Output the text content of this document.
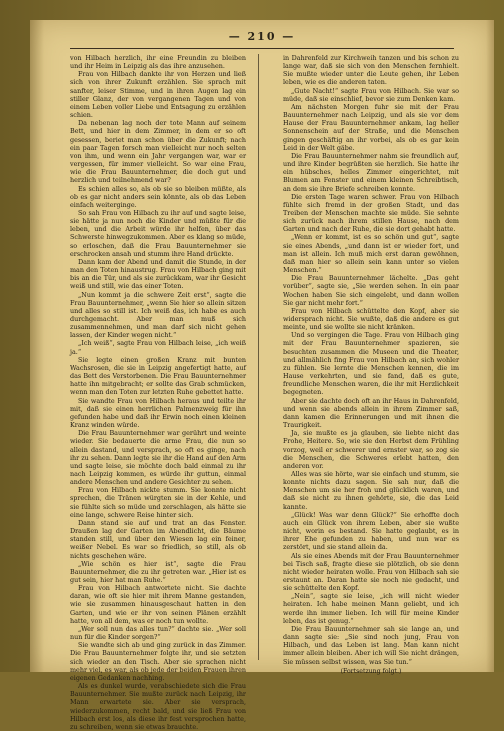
— 210 —

von Hilbach herzlich, ihr eine Freundin zu bleiben und ihr Heim in Leipzig als das ihre anzusehen.

Frau von Hilbach dankte ihr von Herzen und ließ sich von ihrer Zukunft erzählen. Sie sprach mit sanfter, leiser Stimme, und in ihren Augen lag ein stiller Glanz, der von vergangenen Tagen und von einem Leben voller Liebe und Entsagung zu erzählen schien.

Da nebenan lag noch der tote Mann auf seinem Bett, und hier in dem Zimmer, in dem er so oft gesessen, beriet man schon über die Zukunft; nach ein paar Tagen forsch man vielleicht nur noch selten von ihm, und wenn ein Jahr vergangen war, war er vergessen, für immer vielleicht. So war eine Frau, wie die Frau Bauunternehmer, die doch gut und herzlich und teilnehmend war?

Es schien alles so, als ob sie so bleiben müßte, als ob es gar nicht anders sein könnte, als ob das Leben einfach weiterginge.

So sah Frau von Hilbach zu ihr auf und sagte leise, sie hätte ja nun noch die Kinder und müßte für die leben, und die Arbeit würde ihr helfen, über das Schwerste hinwegzukommen. Aber es klang so müde, so erloschen, daß die Frau Bauunternehmer sie erschrocken ansah und stumm ihre Hand drückte.

Dann kam der Abend und damit die Stunde, in der man den Toten hinaustrug. Frau von Hilbach ging mit bis an die Tür, und als sie zurückkam, war ihr Gesicht weiß und still, wie das einer Toten.

„Nun kommt ja die schwere Zeit erst“, sagte die Frau Bauunternehmer, „wenn Sie hier so allein sitzen und alles so still ist. Ich weiß das, ich habe es auch durchgemacht. Aber man muß sich zusammennehmen, und man darf sich nicht gehen lassen, der Kinder wegen nicht.“

„Ich weiß“, sagte Frau von Hilbach leise, „ich weiß ja.“

Sie legte einen großen Kranz mit bunten Wachsrosen, die sie in Leipzig angefertigt hatte, auf das Bett des Verstorbenen. Die Frau Bauunternehmer hatte ihn mitgebracht; er sollte das Grab schmücken, wenn man den Toten zur letzten Ruhe gebettet hatte.

Sie wandte Frau von Hilbach heraus und teilte ihr mit, daß sie einen herrlichen Palmenzweig für ihn gefunden habe und daß ihr Erwin noch einen kleinen Kranz winden würde.

Die Frau Bauunternehmer war gerührt und weinte wieder. Sie bedauerte die arme Frau, die nun so allein dastand, und versprach, so oft es ginge, nach ihr zu sehen. Dann legte sie ihr die Hand auf den Arm und sagte leise, sie möchte doch bald einmal zu ihr nach Leipzig kommen, es würde ihr guttun, einmal andere Menschen und andere Gesichter zu sehen.

Frau von Hilbach nickte stumm. Sie konnte nicht sprechen, die Tränen würgten sie in der Kehle, und sie fühlte sich so müde und zerschlagen, als hätte sie eine lange, schwere Reise hinter sich.

Dann stand sie auf und trat an das Fenster. Draußen lag der Garten im Abendlicht, die Bäume standen still, und über den Wiesen lag ein feiner, weißer Nebel. Es war so friedlich, so still, als ob nichts geschehen wäre.

„Wie schön es hier ist“, sagte die Frau Bauunternehmer, die zu ihr getreten war. „Hier ist es gut sein, hier hat man Ruhe.“

Frau von Hilbach antwortete nicht. Sie dachte daran, wie oft sie hier mit ihrem Manne gestanden, wie sie zusammen hinausgeschaut hatten in den Garten, und wie er ihr von seinen Plänen erzählt hatte, von all dem, was er noch tun wollte.

„Wer soll nun das alles tun?“ dachte sie. „Wer soll nun für die Kinder sorgen?“

Sie wandte sich ab und ging zurück in das Zimmer. Die Frau Bauunternehmer folgte ihr, und sie setzten sich wieder an den Tisch. Aber sie sprachen nicht mehr viel, es war, als ob jede der beiden Frauen ihren eigenen Gedanken nachhing.

Als es dunkel wurde, verabschiedete sich die Frau Bauunternehmer. Sie mußte zurück nach Leipzig, ihr Mann erwartete sie. Aber sie versprach, wiederzukommen, recht bald, und sie ließ Frau von Hilbach erst los, als diese ihr fest versprochen hatte, zu schreiben, wenn sie etwas brauchte.

in Dahrenfeld zur Kirchweih tanzen und bis schon zu lange war, daß sie sich von den Menschen fernhielt. Sie mußte wieder unter die Leute gehen, ihr Leben leben, wie es die anderen taten.

„Gute Nacht!“ sagte Frau von Hilbach. Sie war so müde, daß sie einschlief, bevor sie zum Denken kam.

Am nächsten Morgen fuhr sie mit der Frau Bauunternehmer nach Leipzig, und als sie vor dem Hause der Frau Bauunternehmer ankam, lag heller Sonnenschein auf der Straße, und die Menschen gingen geschäftig an ihr vorbei, als ob es gar kein Leid in der Welt gäbe.

Die Frau Bauunternehmer nahm sie freundlich auf, und ihre Kinder begrüßten sie herzlich. Sie hatte ihr ein hübsches, helles Zimmer eingerichtet, mit Blumen am Fenster und einem kleinen Schreibtisch, an dem sie ihre Briefe schreiben konnte.

Die ersten Tage waren schwer. Frau von Hilbach fühlte sich fremd in der großen Stadt, und das Treiben der Menschen machte sie müde. Sie sehnte sich zurück nach ihrem stillen Hause, nach dem Garten und nach der Ruhe, die sie dort gehabt hatte.

„Wenn er kommt, ist es so schön und gut“, sagte sie eines Abends, „und dann ist er wieder fort, und man ist allein. Ich muß mich erst daran gewöhnen, daß man hier so allein sein kann unter so vielen Menschen.“

Die Frau Bauunternehmer lächelte. „Das geht vorüber“, sagte sie, „Sie werden sehen. In ein paar Wochen haben Sie sich eingelebt, und dann wollen Sie gar nicht mehr fort.“

Frau von Hilbach schüttelte den Kopf, aber sie widersprach nicht. Sie wußte, daß die andere es gut meinte, und sie wollte sie nicht kränken.

Und so vergingen die Tage. Frau von Hilbach ging mit der Frau Bauunternehmer spazieren, sie besuchten zusammen die Museen und die Theater, und allmählich fing Frau von Hilbach an, sich wohler zu fühlen. Sie lernte die Menschen kennen, die im Hause verkehrten, und sie fand, daß es gute, freundliche Menschen waren, die ihr mit Herzlichkeit begegneten.

Aber sie dachte doch oft an ihr Haus in Dahrenfeld, und wenn sie abends allein in ihrem Zimmer saß, dann kamen die Erinnerungen und mit ihnen die Traurigkeit.

Ja, sie mußte es ja glauben, sie liebte nicht das Frohe, Heitere. So, wie sie den Herbst dem Frühling vorzog, weil er schwerer und ernster war, so zog sie die Menschen, die Schweres erlebt hatten, den anderen vor.

Alles was sie hörte, war sie einfach und stumm, sie konnte nichts dazu sagen. Sie sah nur, daß die Menschen um sie her froh und glücklich waren, und daß sie nicht zu ihnen gehörte, sie, die das Leid kannte.

„Glück! Was war denn Glück?“ Sie erhoffte doch auch ein Glück von ihrem Leben, aber sie wußte nicht, worin es bestand. Sie hatte geglaubt, es in ihrer Ehe gefunden zu haben, und nun war es zerstört, und sie stand allein da.

Als sie eines Abends mit der Frau Bauunternehmer bei Tisch saß, fragte diese sie plötzlich, ob sie denn nicht wieder heiraten wolle. Frau von Hilbach sah sie erstaunt an. Daran hatte sie noch nie gedacht, und sie schüttelte den Kopf.

„Nein“, sagte sie leise, „ich will nicht wieder heiraten. Ich habe meinen Mann geliebt, und ich werde ihn immer lieben. Ich will für meine Kinder leben, das ist genug.“

Die Frau Bauunternehmer sah sie lange an, und dann sagte sie: „Sie sind noch jung, Frau von Hilbach, und das Leben ist lang. Man kann nicht immer allein bleiben. Aber ich will Sie nicht drängen, Sie müssen selbst wissen, was Sie tun.“

(Fortsetzung folgt.)
